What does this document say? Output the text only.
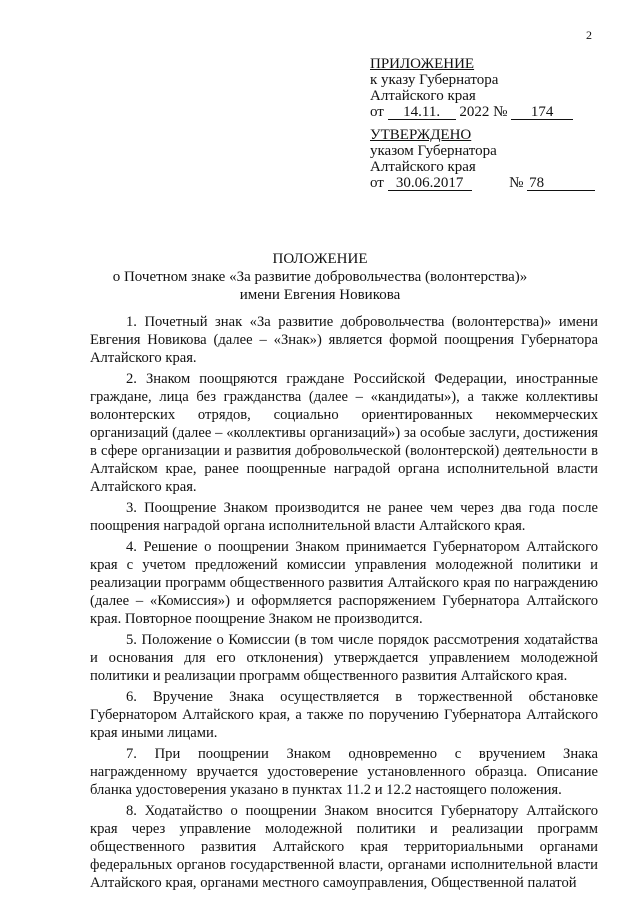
2
ПРИЛОЖЕНИЕ
к указу Губернатора
Алтайского края
от 14.11. 2022 № 174
УТВЕРЖДЕНО
указом Губернатора
Алтайского края
от 30.06.2017	№ 78
ПОЛОЖЕНИЕ
о Почетном знаке «За развитие добровольчества (волонтерства)»
имени Евгения Новикова

1. Почетный знак «За развитие добровольчества (волонтерства)» имени Евгения Новикова (далее – «Знак») является формой поощрения Губернатора Алтайского края.

2. Знаком поощряются граждане Российской Федерации, иностранные граждане, лица без гражданства (далее – «кандидаты»), а также коллективы волонтерских отрядов, социально ориентированных некоммерческих организаций (далее – «коллективы организаций») за особые заслуги, достижения в сфере организации и развития добровольческой (волонтерской) деятельности в Алтайском крае, ранее поощренные наградой органа исполнительной власти Алтайского края.

3. Поощрение Знаком производится не ранее чем через два года после поощрения наградой органа исполнительной власти Алтайского края.

4. Решение о поощрении Знаком принимается Губернатором Алтайского края с учетом предложений комиссии управления молодежной политики и реализации программ общественного развития Алтайского края по награждению (далее – «Комиссия») и оформляется распоряжением Губернатора Алтайского края. Повторное поощрение Знаком не производится.

5. Положение о Комиссии (в том числе порядок рассмотрения ходатайства и основания для его отклонения) утверждается управлением молодежной политики и реализации программ общественного развития Алтайского края.

6. Вручение Знака осуществляется в торжественной обстановке Губернатором Алтайского края, а также по поручению Губернатора Алтайского края иными лицами.

7. При поощрении Знаком одновременно с вручением Знака награжденному вручается удостоверение установленного образца. Описание бланка удостоверения указано в пунктах 11.2 и 12.2 настоящего положения.

8. Ходатайство о поощрении Знаком вносится Губернатору Алтайского края через управление молодежной политики и реализации программ общественного развития Алтайского края территориальными органами федеральных органов государственной власти, органами исполнительной власти Алтайского края, органами местного самоуправления, Общественной палатой
